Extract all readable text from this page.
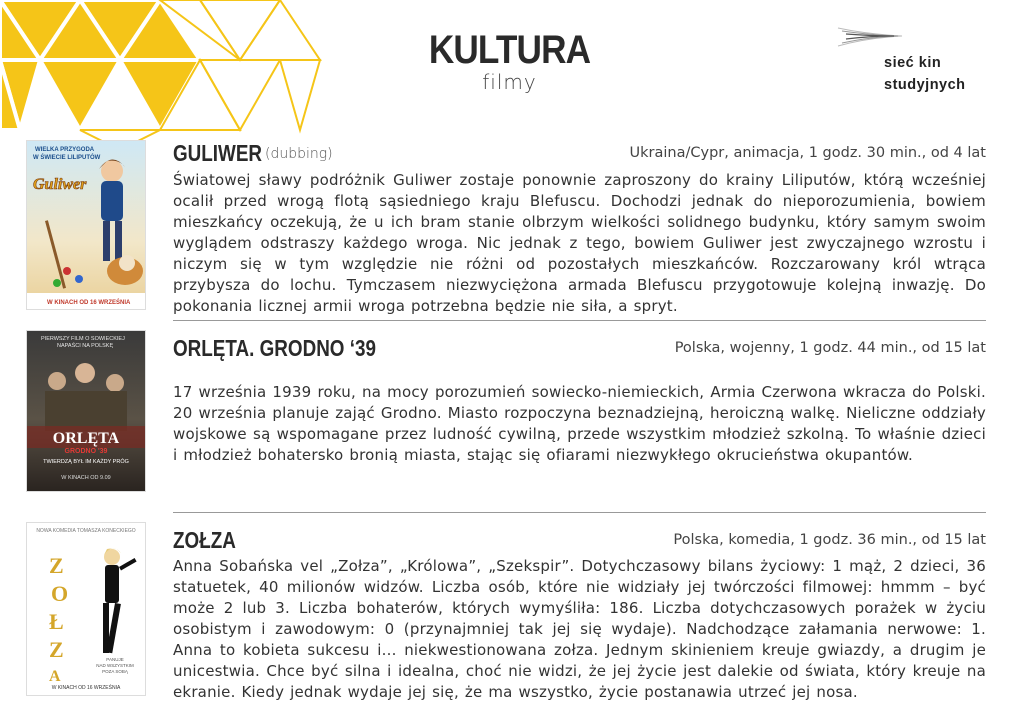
KULTURA
filmy
sieć kin
studyjnych
WIELKA PRZYGODA
W ŚWIECIE LILIPUTÓW
Guliwer
W KINACH OD 16 WRZEŚNIA
GULIWER (dubbing)	Ukraina/Cypr, animacja, 1 godz. 30 min., od 4 lat
Światowej sławy podróżnik Guliwer zostaje ponownie zaproszony do krainy Liliputów, którą wcześniej ocalił przed wrogą flotą sąsiedniego kraju Blefuscu. Dochodzi jednak do nieporozumienia, bowiem mieszkańcy oczekują, że u ich bram stanie olbrzym wielkości solidnego budynku, który samym swoim wyglądem odstraszy każdego wroga. Nic jednak z tego, bowiem Guliwer jest zwyczajnego wzrostu i niczym się w tym względzie nie różni od pozostałych mieszkańców. Rozczarowany król wtrąca przybysza do lochu. Tymczasem niezwyciężona armada Blefuscu przygotowuje kolejną inwazję. Do pokonania licznej armii wroga potrzebna będzie nie siła, a spryt.
PIERWSZY FILM O SOWIECKIEJ
NAPAŚCI NA POLSKĘ
ORLĘTA
GRODNO '39
TWIERDZĄ BYŁ IM KAŻDY PRÓG
W KINACH OD 9.09
ORLĘTA. GRODNO ‘39	Polska, wojenny, 1 godz. 44 min., od 15 lat
17 września 1939 roku, na mocy porozumień sowiecko-niemieckich, Armia Czerwona wkracza do Polski. 20 września planuje zająć Grodno. Miasto rozpoczyna beznadziejną, heroiczną walkę. Nieliczne oddziały wojskowe są wspomagane przez ludność cywilną, przede wszystkim młodzież szkolną. To właśnie dzieci i młodzież bohatersko bronią miasta, stając się ofiarami niezwykłego okrucieństwa okupantów.
NOWA KOMEDIA TOMASZA KONECKIEGO
Z
O
Ł
Z
A
PANUJE
NAD WSZYSTKIM
POZA SOBĄ
W KINACH OD 16 WRZEŚNIA
ZOŁZA	Polska, komedia, 1 godz. 36 min., od 15 lat
Anna Sobańska vel „Zołza”, „Królowa”, „Szekspir”. Dotychczasowy bilans życiowy: 1 mąż, 2 dzieci, 36 statuetek, 40 milionów widzów. Liczba osób, które nie widziały jej twórczości filmowej: hmmm – być może 2 lub 3. Liczba bohaterów, których wymyśliła: 186. Liczba dotychczasowych porażek w życiu osobistym i zawodowym: 0 (przynajmniej tak jej się wydaje). Nadchodzące załamania nerwowe: 1. Anna to kobieta sukcesu i... niekwestionowana zołza. Jednym skinieniem kreuje gwiazdy, a drugim je unicestwia. Chce być silna i idealna, choć nie widzi, że jej życie jest dalekie od świata, który kreuje na ekranie. Kiedy jednak wydaje jej się, że ma wszystko, życie postanawia utrzeć jej nosa.
